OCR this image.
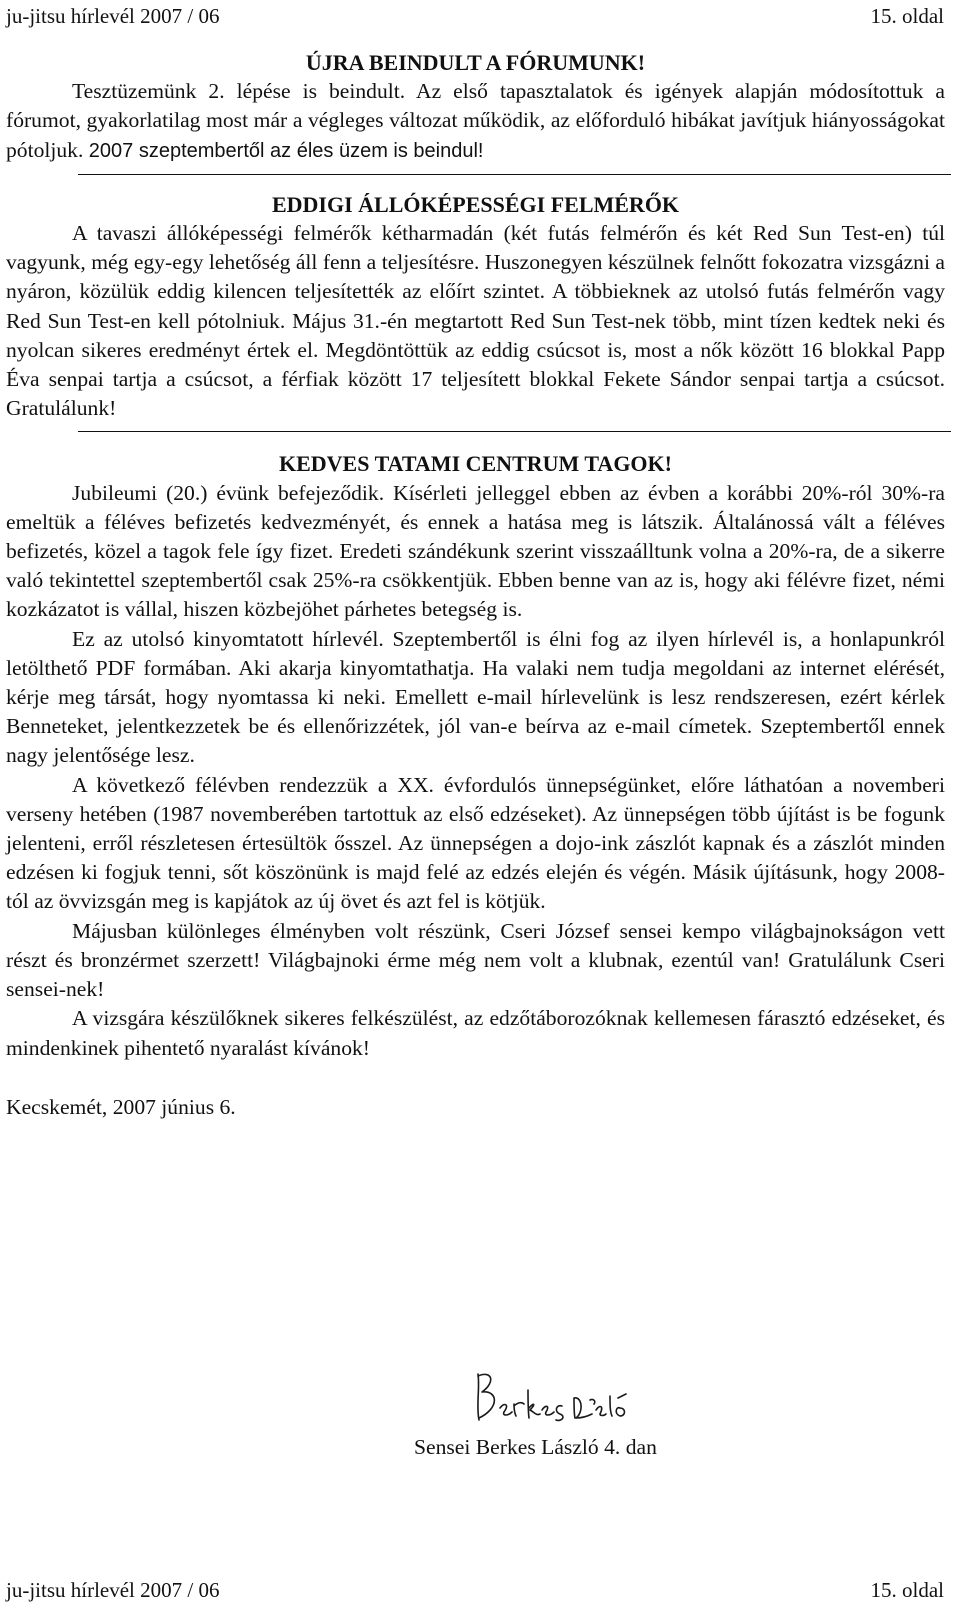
ju-jitsu hírlevél 2007 / 06	15. oldal
ÚJRA BEINDULT A FÓRUMUNK!

Tesztüzemünk 2. lépése is beindult. Az első tapasztalatok és igények alapján módosítottuk a fórumot, gyakorlatilag most már a végleges változat működik, az előforduló hibákat javítjuk hiányosságokat pótoljuk. 2007 szeptembertől az éles üzem is beindul!

EDDIGI ÁLLÓKÉPESSÉGI FELMÉRŐK

A tavaszi állóképességi felmérők kétharmadán (két futás felmérőn és két Red Sun Test-en) túl vagyunk, még egy-egy lehetőség áll fenn a teljesítésre. Huszonegyen készülnek felnőtt fokozatra vizsgázni a nyáron, közülük eddig kilencen teljesítették az előírt szintet. A többieknek az utolsó futás felmérőn vagy Red Sun Test-en kell pótolniuk. Május 31.-én megtartott Red Sun Test-nek több, mint tízen kedtek neki és nyolcan sikeres eredményt értek el. Megdöntöttük az eddig csúcsot is, most a nők között 16 blokkal Papp Éva senpai tartja a csúcsot, a férfiak között 17 teljesített blokkal Fekete Sándor senpai tartja a csúcsot. Gratulálunk!

KEDVES TATAMI CENTRUM TAGOK!

Jubileumi (20.) évünk befejeződik. Kísérleti jelleggel ebben az évben a korábbi 20%-ról 30%-ra emeltük a féléves befizetés kedvezményét, és ennek a hatása meg is látszik. Általánossá vált a féléves befizetés, közel a tagok fele így fizet. Eredeti szándékunk szerint visszaálltunk volna a 20%-ra, de a sikerre való tekintettel szeptembertől csak 25%-ra csökkentjük. Ebben benne van az is, hogy aki félévre fizet, némi kozkázatot is vállal, hiszen közbejöhet párhetes betegség is.

Ez az utolsó kinyomtatott hírlevél. Szeptembertől is élni fog az ilyen hírlevél is, a honlapunkról letölthető PDF formában. Aki akarja kinyomtathatja. Ha valaki nem tudja megoldani az internet elérését, kérje meg társát, hogy nyomtassa ki neki. Emellett e-mail hírlevelünk is lesz rendszeresen, ezért kérlek Benneteket, jelentkezzetek be és ellenőrizzétek, jól van-e beírva az e-mail címetek. Szeptembertől ennek nagy jelentősége lesz.

A következő félévben rendezzük a XX. évfordulós ünnepségünket, előre láthatóan a novemberi verseny hetében (1987 novemberében tartottuk az első edzéseket). Az ünnepségen több újítást is be fogunk jelenteni, erről részletesen értesültök ősszel. Az ünnepségen a dojo-ink zászlót kapnak és a zászlót minden edzésen ki fogjuk tenni, sőt köszönünk is majd felé az edzés elején és végén. Másik újításunk, hogy 2008-tól az övvizsgán meg is kapjátok az új övet és azt fel is kötjük.

Májusban különleges élményben volt részünk, Cseri József sensei kempo világbajnokságon vett részt és bronzérmet szerzett! Világbajnoki érme még nem volt a klubnak, ezentúl van! Gratulálunk Cseri sensei-nek!

A vizsgára készülőknek sikeres felkészülést, az edzőtáborozóknak kellemesen fárasztó edzéseket, és mindenkinek pihentető nyaralást kívánok!

Kecskemét, 2007 június 6.

Sensei Berkes László 4. dan
ju-jitsu hírlevél 2007 / 06	15. oldal
